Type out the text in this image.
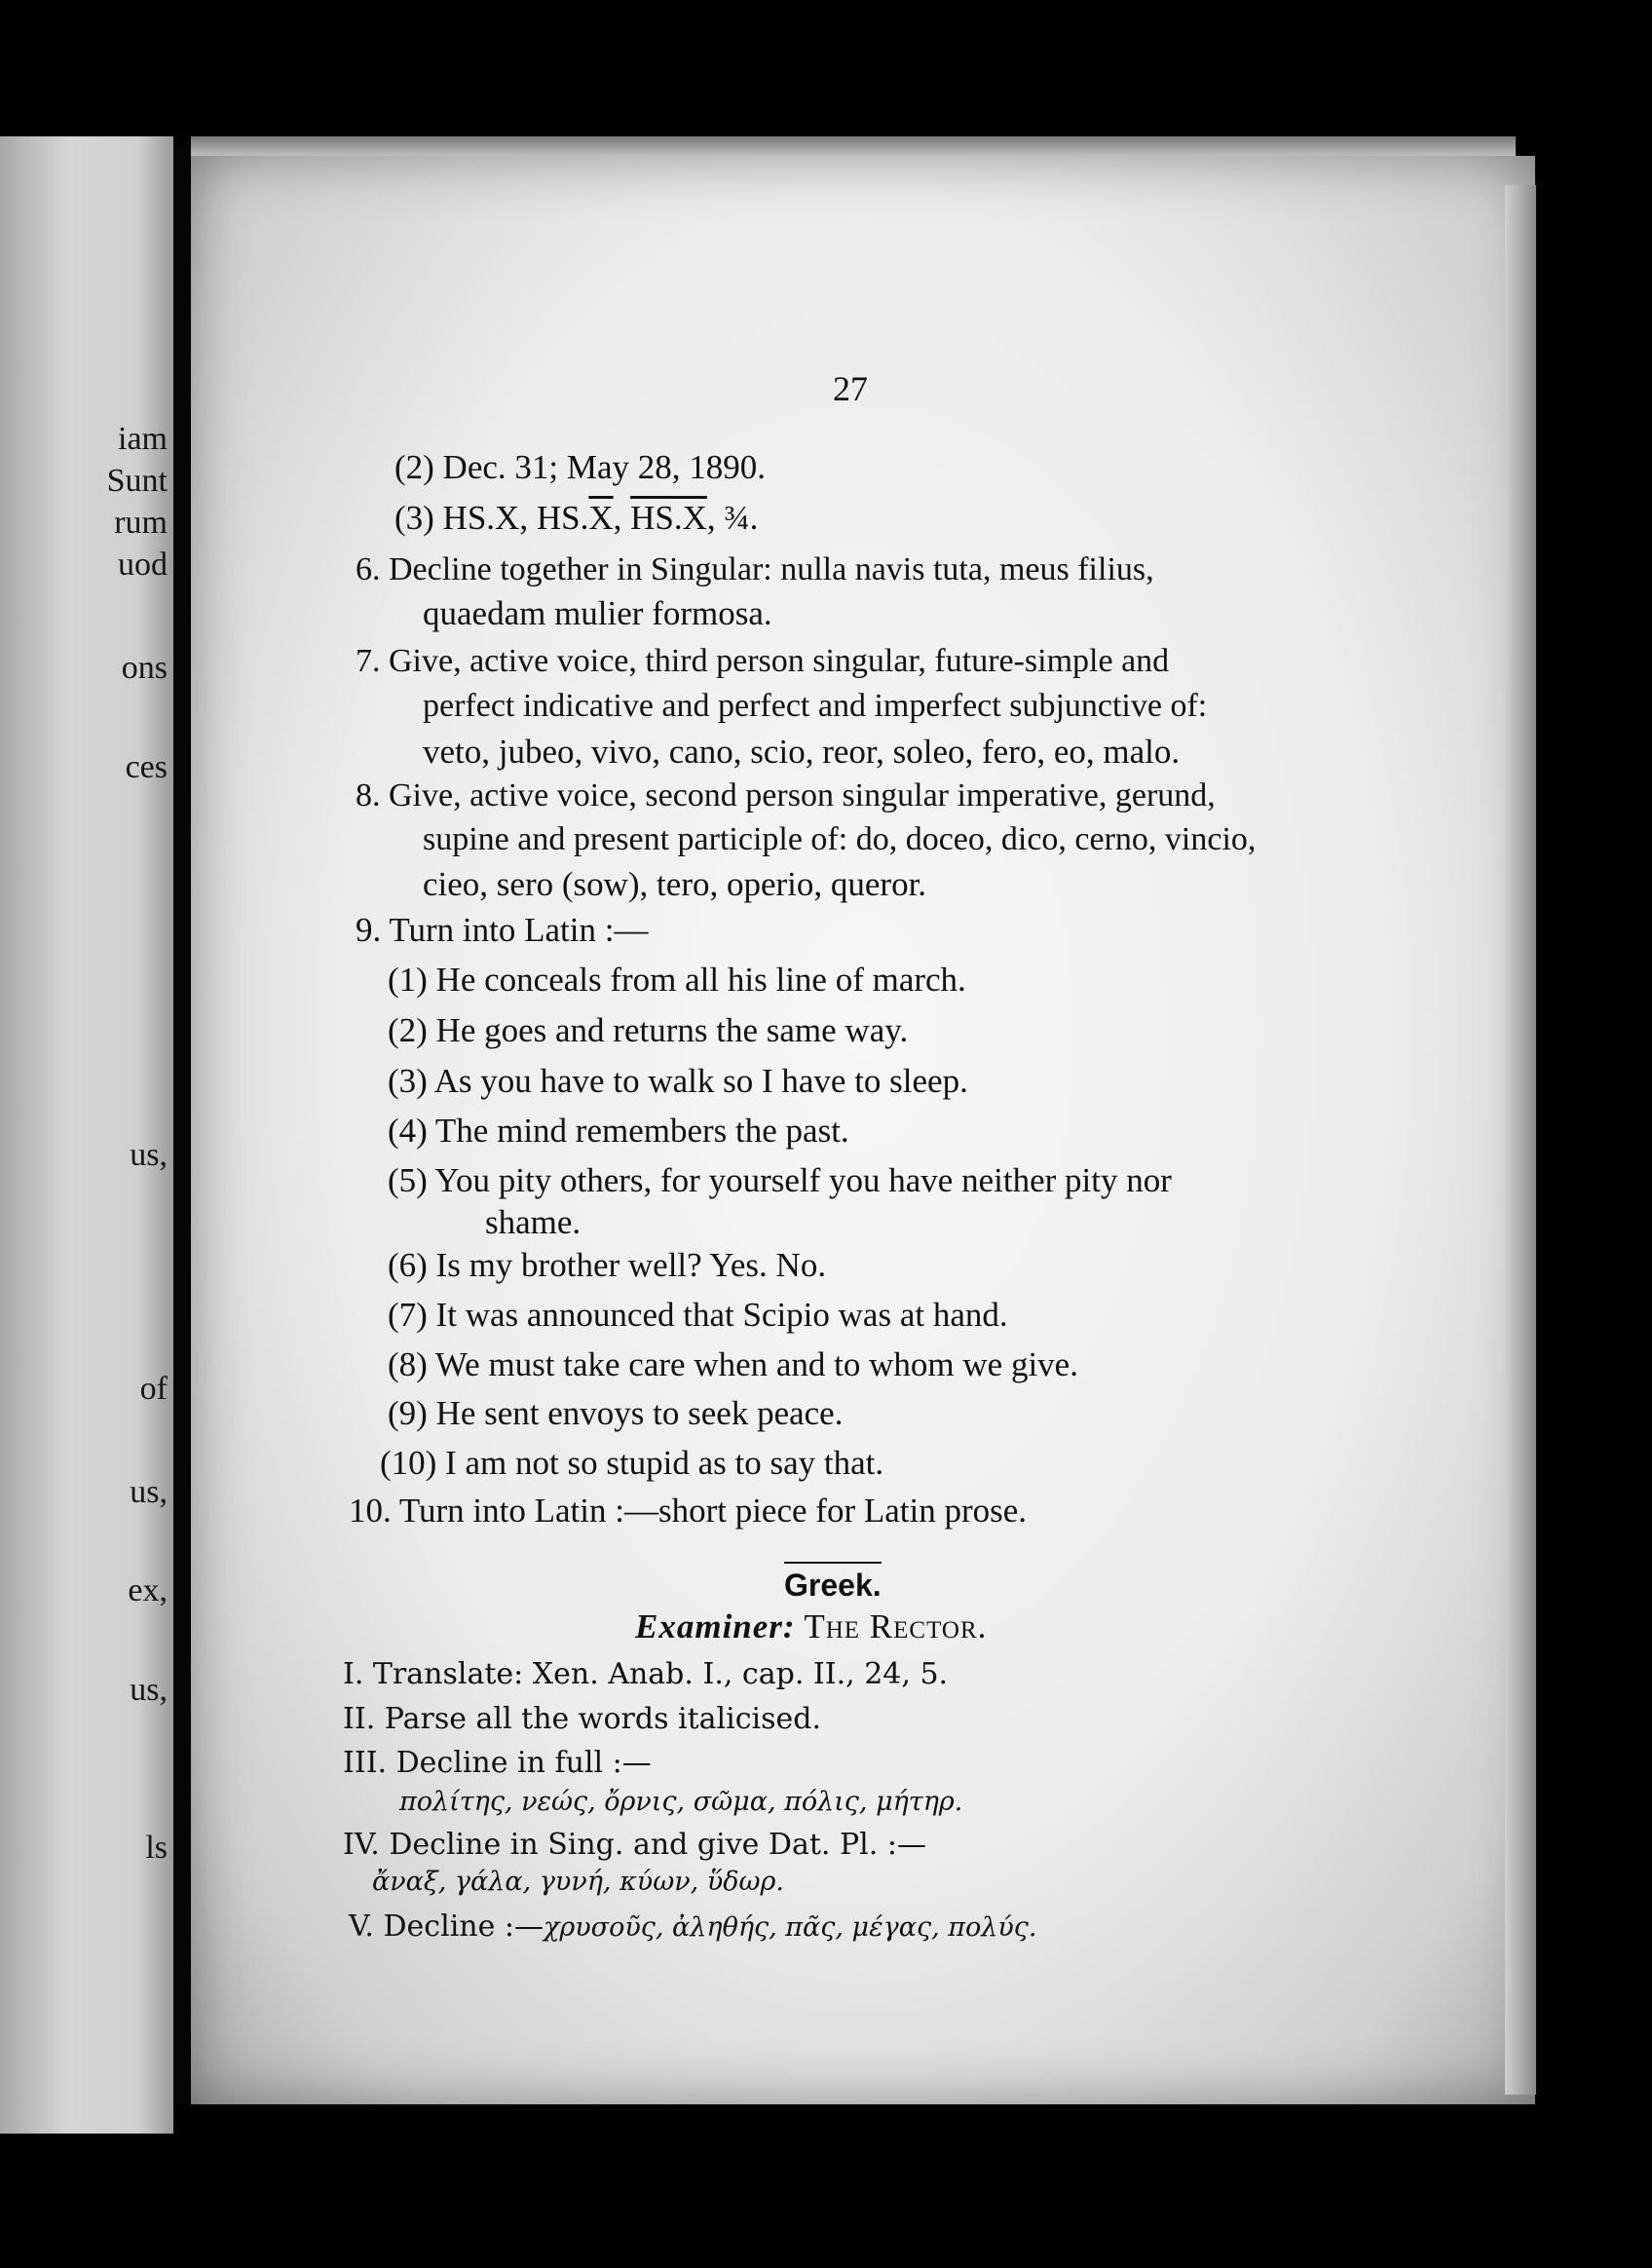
iam
Sunt
rum
uod
ons
ces
us,
of
us,
ex,
us,
ls
27
(2) Dec. 31; May 28, 1890.
(3) HS.X, $HS.\overline{X}$, HS.X, ¾.
6. Decline together in Singular: nulla navis tuta, meus filius,
quaedam mulier formosa.
7. Give, active voice, third person singular, future-simple and
perfect indicative and perfect and imperfect subjunctive of:
veto, jubeo, vivo, cano, scio, reor, soleo, fero, eo, malo.
8. Give, active voice, second person singular imperative, gerund,
supine and present participle of: do, doceo, dico, cerno, vincio,
cieo, sero (sow), tero, operio, queror.
9. Turn into Latin :—
(1) He conceals from all his line of march.
(2) He goes and returns the same way.
(3) As you have to walk so I have to sleep.
(4) The mind remembers the past.
(5) You pity others, for yourself you have neither pity nor
shame.
(6) Is my brother well? Yes. No.
(7) It was announced that Scipio was at hand.
(8) We must take care when and to whom we give.
(9) He sent envoys to seek peace.
(10) I am not so stupid as to say that.
10. Turn into Latin :—short piece for Latin prose.
Greek.
Examiner: The Rector.
I. Translate: Xen. Anab. I., cap. II., 24, 5.
II. Parse all the words italicised.
III. Decline in full :—
πολίτης, νεώς, ὄρνις, σῶμα, πόλις, μήτηρ.
IV. Decline in Sing. and give Dat. Pl. :—
ἄναξ, γάλα, γυνή, κύων, ὕδωρ.
V. Decline :—χρυσοῦς, ἀληθής, πᾶς, μέγας, πολύς.
